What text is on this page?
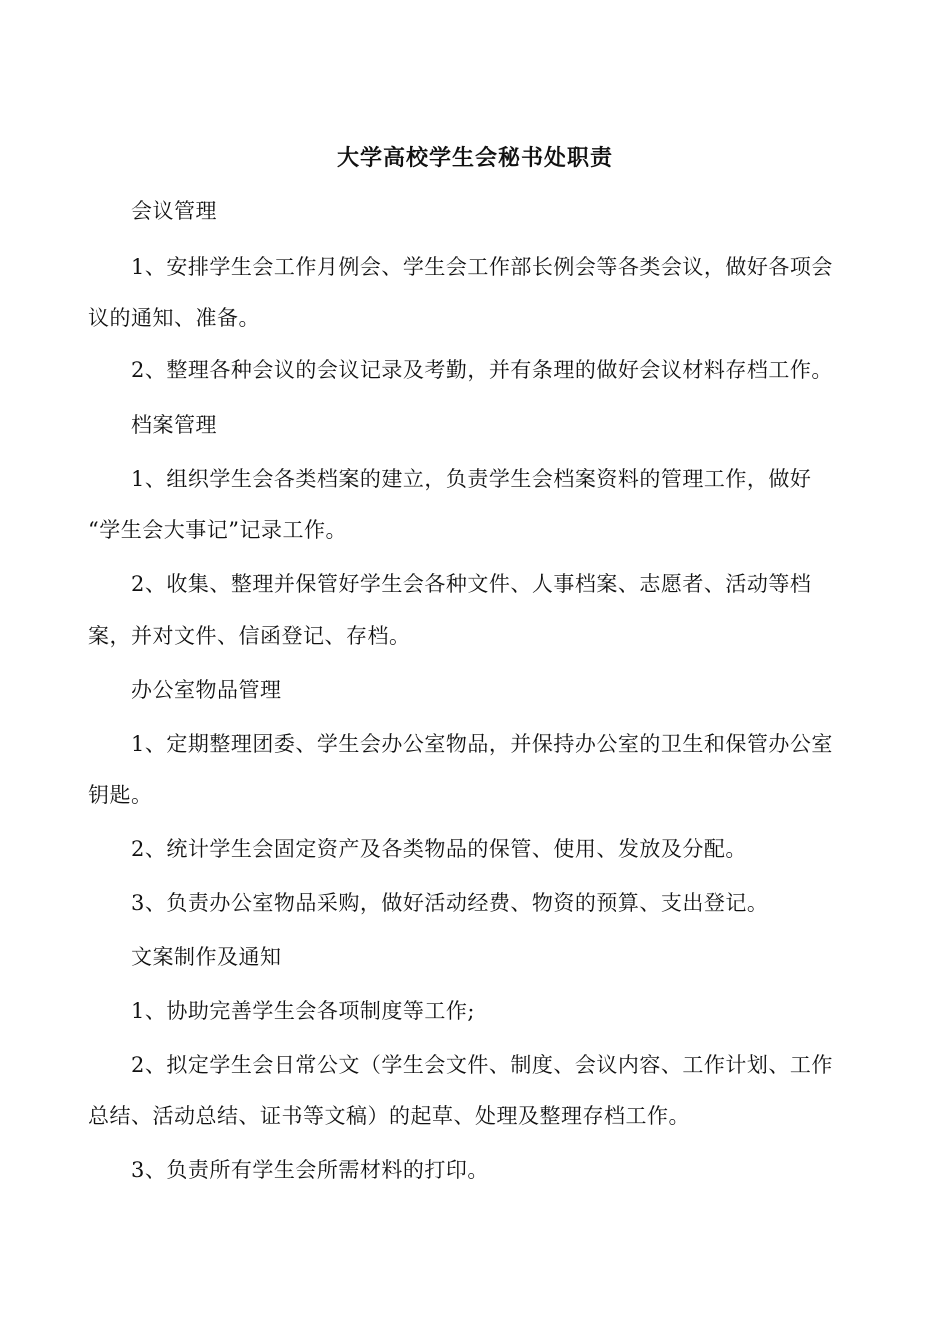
大学高校学生会秘书处职责
会议管理
1、安排学生会工作月例会、学生会工作部长例会等各类会议，做好各项会
议的通知、准备。
2、整理各种会议的会议记录及考勤，并有条理的做好会议材料存档工作。
档案管理
1、组织学生会各类档案的建立，负责学生会档案资料的管理工作，做好
“学生会大事记”记录工作。
2、收集、整理并保管好学生会各种文件、人事档案、志愿者、活动等档
案，并对文件、信函登记、存档。
办公室物品管理
1、定期整理团委、学生会办公室物品，并保持办公室的卫生和保管办公室
钥匙。
2、统计学生会固定资产及各类物品的保管、使用、发放及分配。
3、负责办公室物品采购，做好活动经费、物资的预算、支出登记。
文案制作及通知
1、协助完善学生会各项制度等工作;
2、拟定学生会日常公文（学生会文件、制度、会议内容、工作计划、工作
总结、活动总结、证书等文稿）的起草、处理及整理存档工作。
3、负责所有学生会所需材料的打印。
